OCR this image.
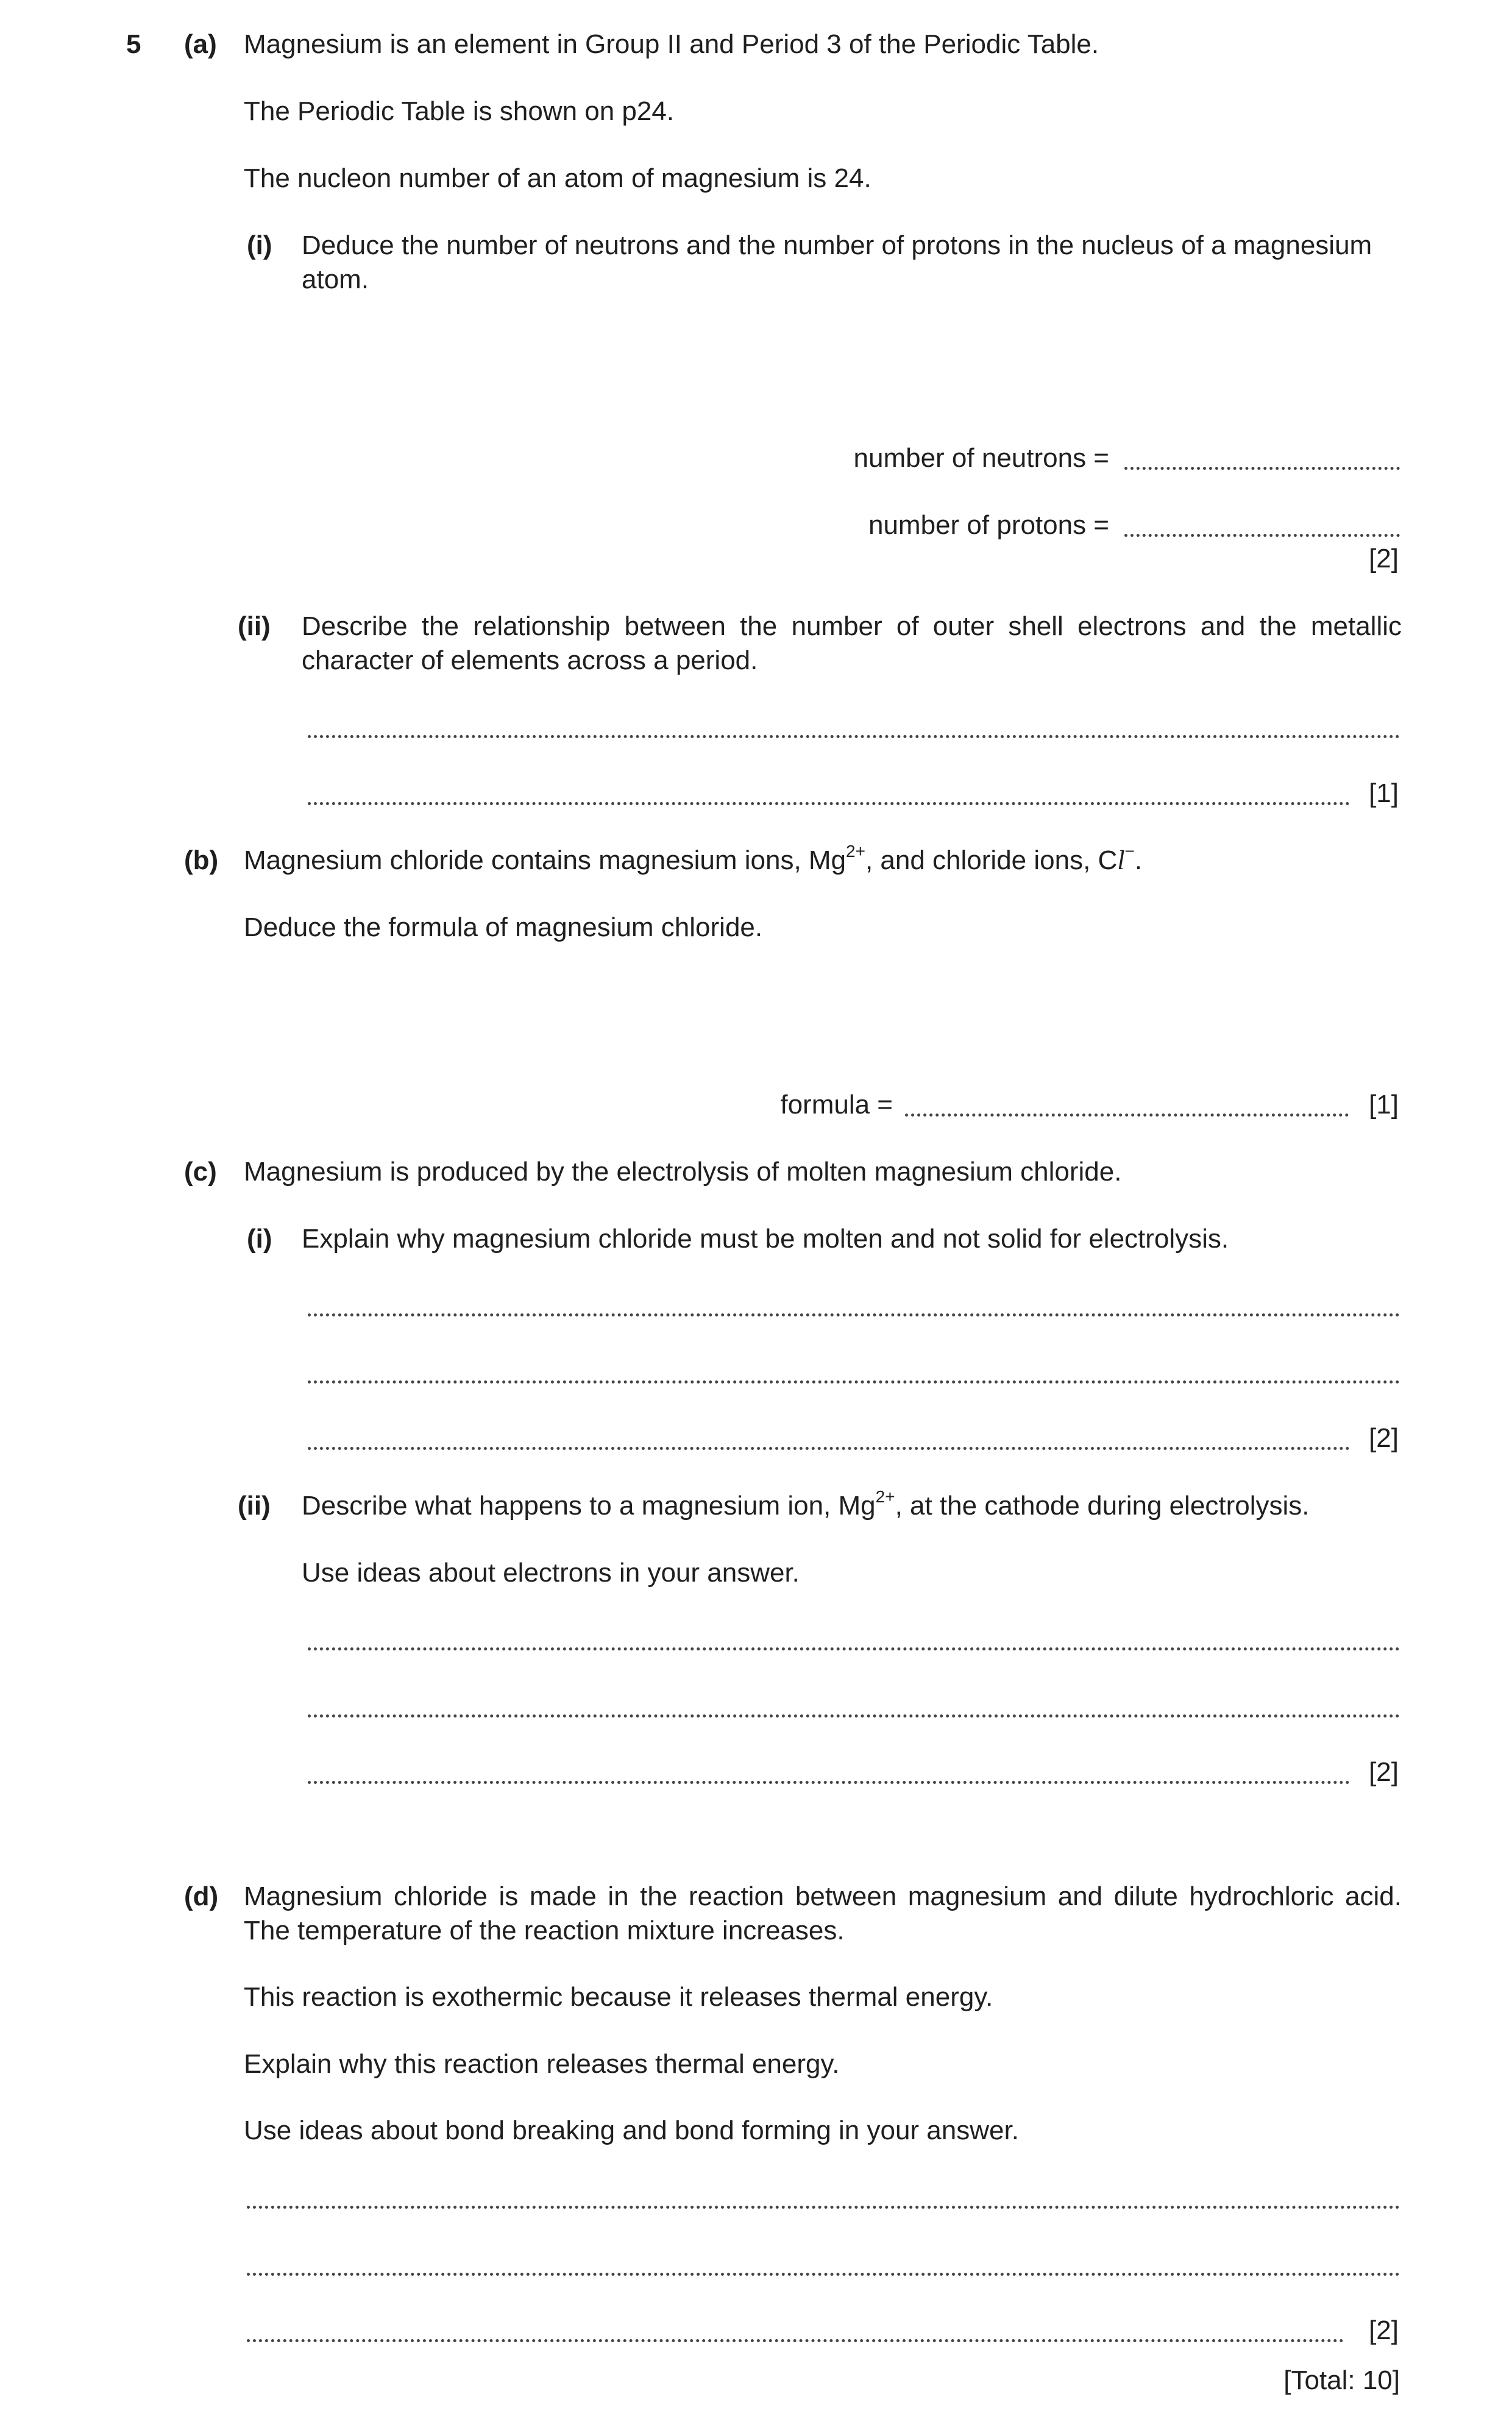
5 (a) Magnesium is an element in Group II and Period 3 of the Periodic Table.
The Periodic Table is shown on p24.
The nucleon number of an atom of magnesium is 24.
(i) Deduce the number of neutrons and the number of protons in the nucleus of a magnesium atom.
number of neutrons =
number of protons =
[2]
(ii) Describe the relationship between the number of outer shell electrons and the metallic character of elements across a period.
[1]
(b) Magnesium chloride contains magnesium ions, $Mg^{2+}$, and chloride ions, Cl−.
Deduce the formula of magnesium chloride.
formula =	[1]
(c) Magnesium is produced by the electrolysis of molten magnesium chloride.
(i) Explain why magnesium chloride must be molten and not solid for electrolysis.
[2]
(ii) Describe what happens to a magnesium ion, $Mg^{2+}$, at the cathode during electrolysis.
Use ideas about electrons in your answer.
[2]
(d) Magnesium chloride is made in the reaction between magnesium and dilute hydrochloric acid. The temperature of the reaction mixture increases.
This reaction is exothermic because it releases thermal energy.
Explain why this reaction releases thermal energy.
Use ideas about bond breaking and bond forming in your answer.
[2]
[Total: 10]
